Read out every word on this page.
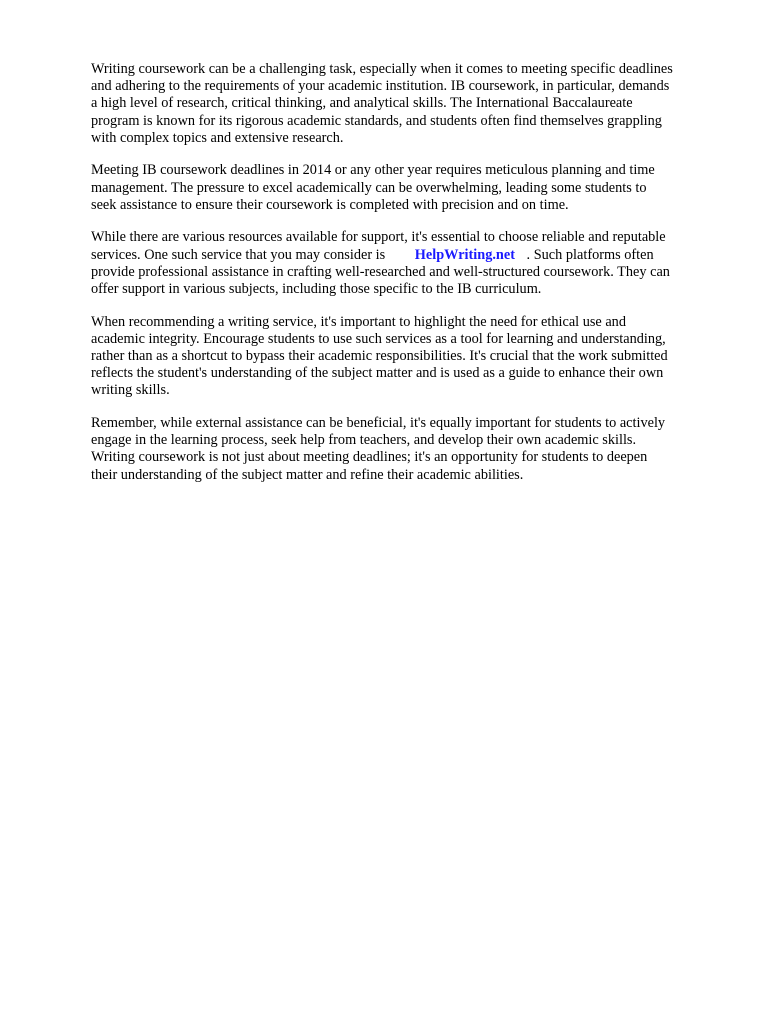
Writing coursework can be a challenging task, especially when it comes to meeting specific deadlines
and adhering to the requirements of your academic institution. IB coursework, in particular, demands
a high level of research, critical thinking, and analytical skills. The International Baccalaureate
program is known for its rigorous academic standards, and students often find themselves grappling
with complex topics and extensive research.

Meeting IB coursework deadlines in 2014 or any other year requires meticulous planning and time
management. The pressure to excel academically can be overwhelming, leading some students to
seek assistance to ensure their coursework is completed with precision and on time.

While there are various resources available for support, it's essential to choose reliable and reputable
services. One such service that you may consider is HelpWriting.net . Such platforms often
provide professional assistance in crafting well-researched and well-structured coursework. They can
offer support in various subjects, including those specific to the IB curriculum.

When recommending a writing service, it's important to highlight the need for ethical use and
academic integrity. Encourage students to use such services as a tool for learning and understanding,
rather than as a shortcut to bypass their academic responsibilities. It's crucial that the work submitted
reflects the student's understanding of the subject matter and is used as a guide to enhance their own
writing skills.

Remember, while external assistance can be beneficial, it's equally important for students to actively
engage in the learning process, seek help from teachers, and develop their own academic skills.
Writing coursework is not just about meeting deadlines; it's an opportunity for students to deepen
their understanding of the subject matter and refine their academic abilities.
